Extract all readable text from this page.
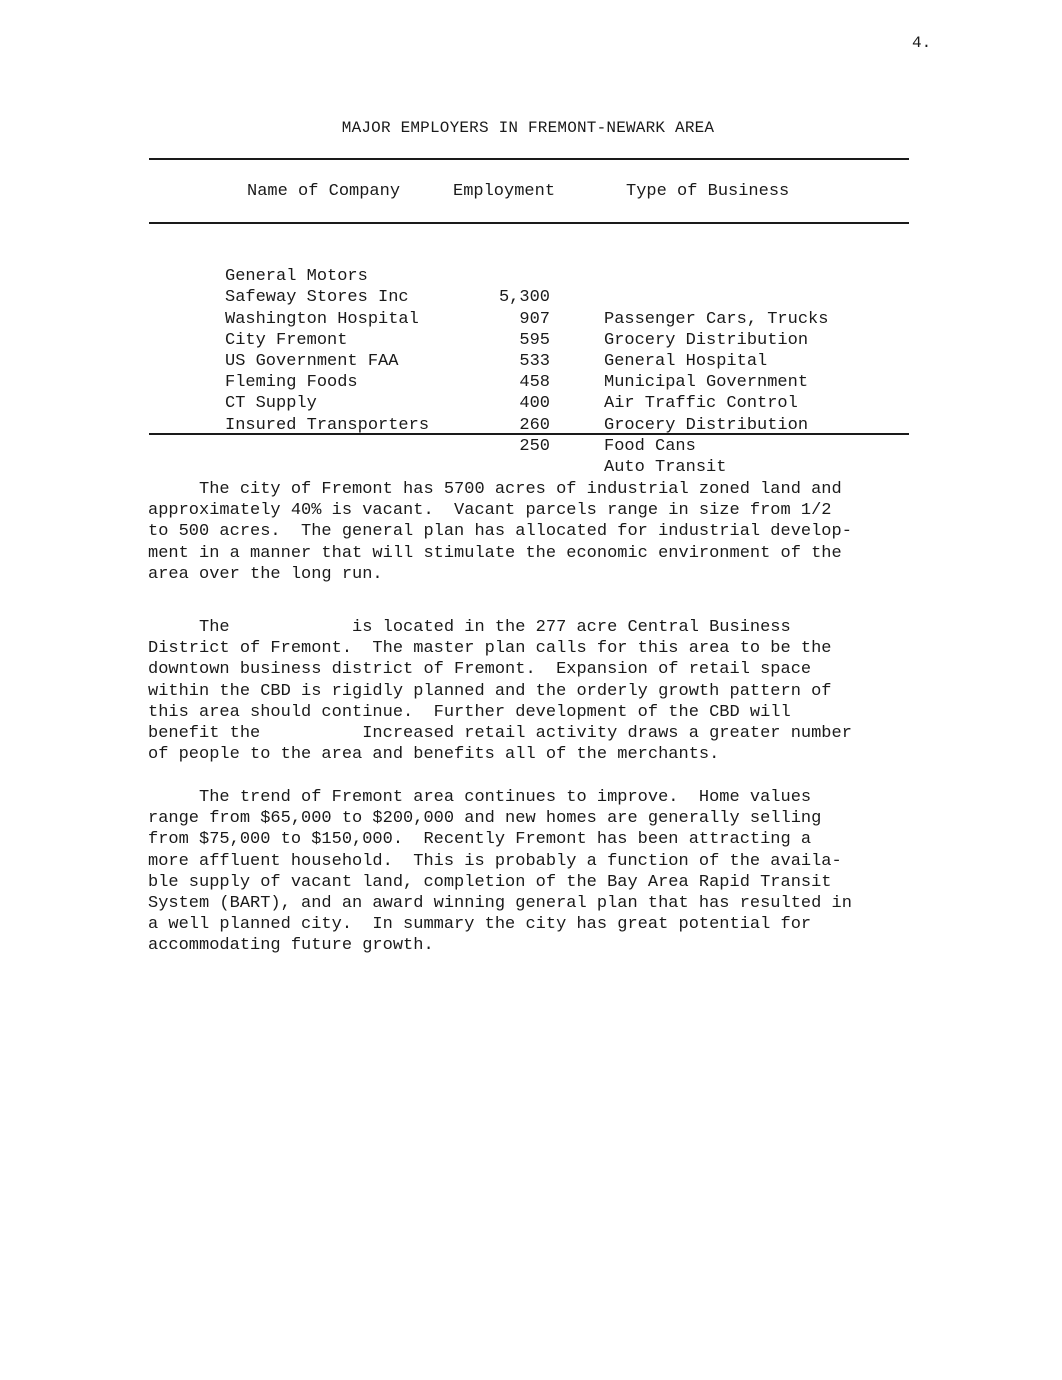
4.
MAJOR EMPLOYERS IN FREMONT-NEWARK AREA
Name of Company	Employment	Type of Business

General Motors

5,300

Passenger Cars, Trucks

Safeway Stores Inc

907

Grocery Distribution

Washington Hospital

595

General Hospital

City Fremont

533

Municipal Government

US Government FAA

458

Air Traffic Control

Fleming Foods

400

Grocery Distribution

CT Supply

260

Food Cans

Insured Transporters

250

Auto Transit

The city of Fremont has 5700 acres of industrial zoned land and
approximately 40% is vacant.  Vacant parcels range in size from 1/2
to 500 acres.  The general plan has allocated for industrial develop-
ment in a manner that will stimulate the economic environment of the
area over the long run.
The            is located in the 277 acre Central Business
District of Fremont.  The master plan calls for this area to be the
downtown business district of Fremont.  Expansion of retail space
within the CBD is rigidly planned and the orderly growth pattern of
this area should continue.  Further development of the CBD will
benefit the          Increased retail activity draws a greater number
of people to the area and benefits all of the merchants.
The trend of Fremont area continues to improve.  Home values
range from $65,000 to $200,000 and new homes are generally selling
from $75,000 to $150,000.  Recently Fremont has been attracting a
more affluent household.  This is probably a function of the availa-
ble supply of vacant land, completion of the Bay Area Rapid Transit
System (BART), and an award winning general plan that has resulted in
a well planned city.  In summary the city has great potential for
accommodating future growth.
